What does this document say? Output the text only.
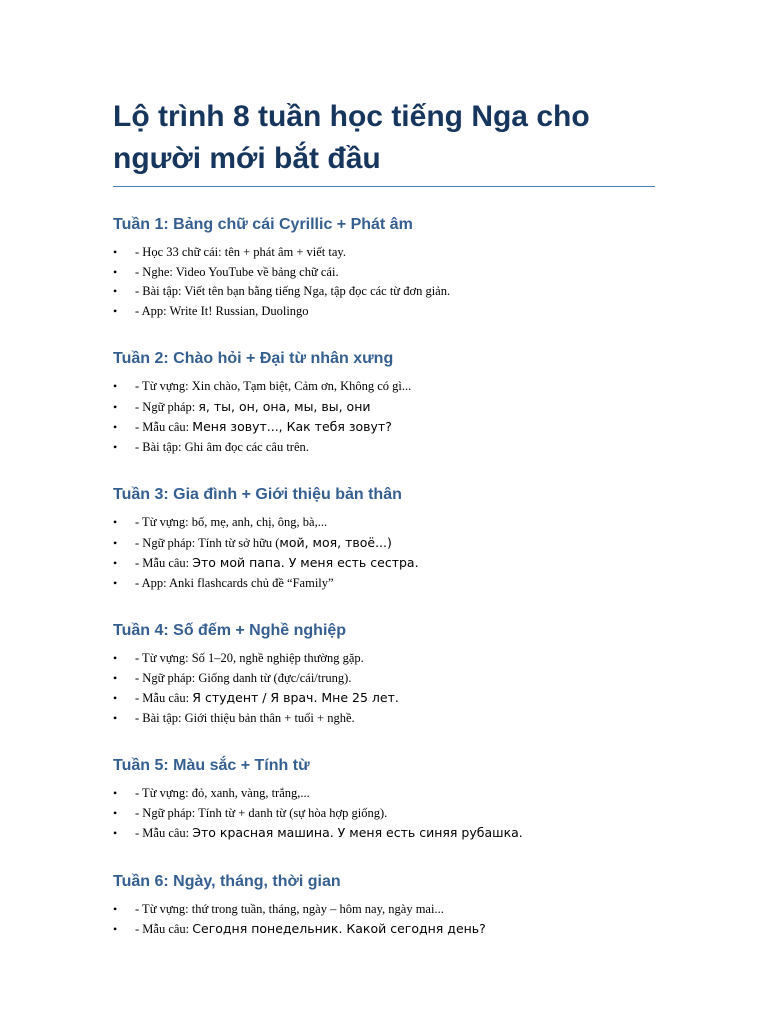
Lộ trình 8 tuần học tiếng Nga cho người mới bắt đầu
Tuần 1: Bảng chữ cái Cyrillic + Phát âm
•	- Học 33 chữ cái: tên + phát âm + viết tay.
•	- Nghe: Video YouTube về bảng chữ cái.
•	- Bài tập: Viết tên bạn bằng tiếng Nga, tập đọc các từ đơn giản.
•	- App: Write It! Russian, Duolingo
Tuần 2: Chào hỏi + Đại từ nhân xưng
•	- Từ vựng: Xin chào, Tạm biệt, Cảm ơn, Không có gì...
•	- Ngữ pháp: я, ты, он, она, мы, вы, они
•	- Mẫu câu: Меня зовут..., Как тебя зовут?
•	- Bài tập: Ghi âm đọc các câu trên.
Tuần 3: Gia đình + Giới thiệu bản thân
•	- Từ vựng: bố, mẹ, anh, chị, ông, bà,...
•	- Ngữ pháp: Tính từ sở hữu (мой, моя, твоё...)
•	- Mẫu câu: Это мой папа. У меня есть сестра.
•	- App: Anki flashcards chủ đề “Family”
Tuần 4: Số đếm + Nghề nghiệp
•	- Từ vựng: Số 1–20, nghề nghiệp thường gặp.
•	- Ngữ pháp: Giống danh từ (đực/cái/trung).
•	- Mẫu câu: Я студент / Я врач. Мне 25 лет.
•	- Bài tập: Giới thiệu bản thân + tuổi + nghề.
Tuần 5: Màu sắc + Tính từ
•	- Từ vựng: đỏ, xanh, vàng, trắng,...
•	- Ngữ pháp: Tính từ + danh từ (sự hòa hợp giống).
•	- Mẫu câu: Это красная машина. У меня есть синяя рубашка.
Tuần 6: Ngày, tháng, thời gian
•	- Từ vựng: thứ trong tuần, tháng, ngày – hôm nay, ngày mai...
•	- Mẫu câu: Сегодня понедельник. Какой сегодня день?
